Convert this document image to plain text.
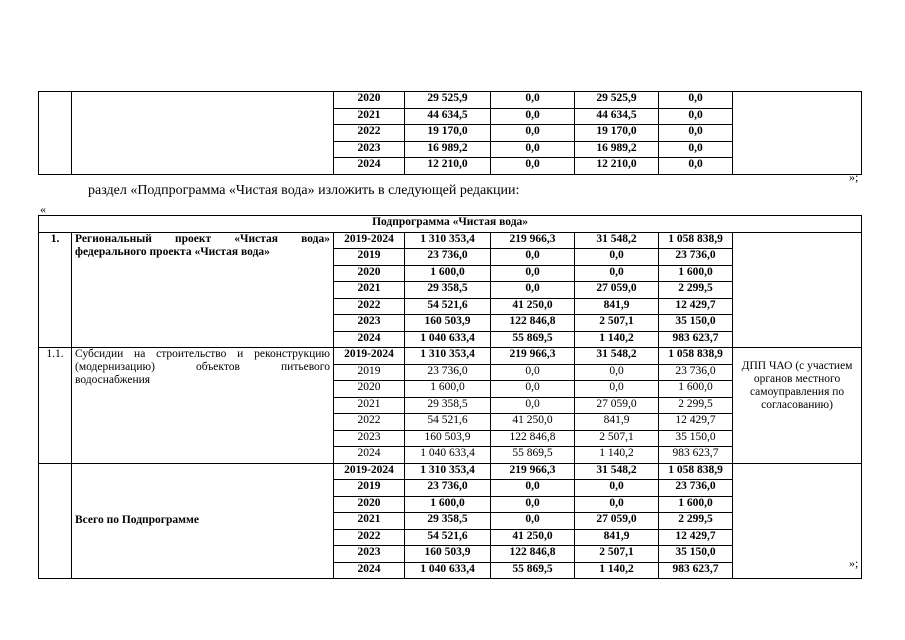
		2020	29 525,9	0,0	29 525,9	0,0	
		2021	44 634,5	0,0	44 634,5	0,0	
		2022	19 170,0	0,0	19 170,0	0,0	
		2023	16 989,2	0,0	16 989,2	0,0	
		2024	12 210,0	0,0	12 210,0	0,0	
»;
раздел «Подпрограмма «Чистая вода» изложить в следующей редакции:
«
Подпрограмма «Чистая вода»							
1.	Региональный проект «Чистая вода» федерального проекта «Чистая вода»	2019-2024	1 310 353,4	219 966,3	31 548,2	1 058 838,9	
		2019	23 736,0	0,0	0,0	23 736,0	
		2020	1 600,0	0,0	0,0	1 600,0	
		2021	29 358,5	0,0	27 059,0	2 299,5	
		2022	54 521,6	41 250,0	841,9	12 429,7	
		2023	160 503,9	122 846,8	2 507,1	35 150,0	
		2024	1 040 633,4	55 869,5	1 140,2	983 623,7	
1.1.	Субсидии на строительство и реконструкцию (модернизацию) объектов питьевого водоснабжения	2019-2024	1 310 353,4	219 966,3	31 548,2	1 058 838,9	ДПП ЧАО (с участием органов местного самоуправления по согласованию)
		2019	23 736,0	0,0	0,0	23 736,0	
		2020	1 600,0	0,0	0,0	1 600,0	
		2021	29 358,5	0,0	27 059,0	2 299,5	
		2022	54 521,6	41 250,0	841,9	12 429,7	
		2023	160 503,9	122 846,8	2 507,1	35 150,0	
		2024	1 040 633,4	55 869,5	1 140,2	983 623,7	
	Всего по Подпрограмме	2019-2024	1 310 353,4	219 966,3	31 548,2	1 058 838,9	
		2019	23 736,0	0,0	0,0	23 736,0	
		2020	1 600,0	0,0	0,0	1 600,0	
		2021	29 358,5	0,0	27 059,0	2 299,5	
		2022	54 521,6	41 250,0	841,9	12 429,7	
		2023	160 503,9	122 846,8	2 507,1	35 150,0	
		2024	1 040 633,4	55 869,5	1 140,2	983 623,7		»;
